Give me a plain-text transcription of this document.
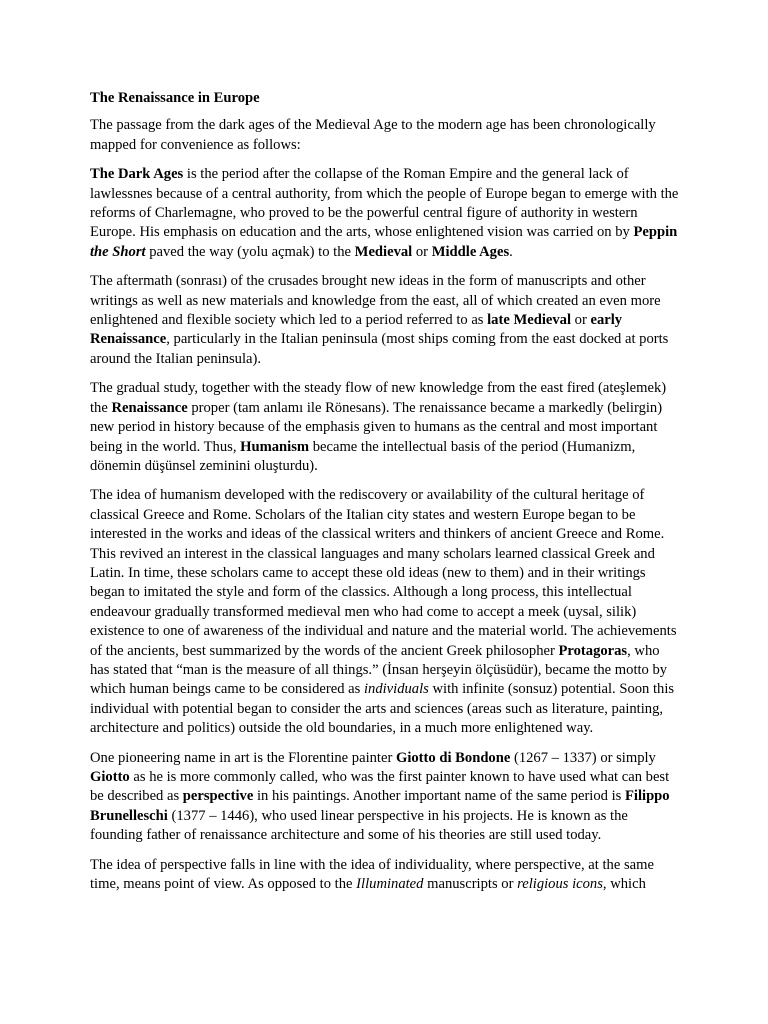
The Renaissance in Europe

The passage from the dark ages of the Medieval Age to the modern age has been chronologically mapped for convenience as follows:

The Dark Ages is the period after the collapse of the Roman Empire and the general lack of lawlessnes because of a central authority, from which the people of Europe began to emerge with the reforms of Charlemagne, who proved to be the powerful central figure of authority in western Europe. His emphasis on education and the arts, whose enlightened vision was carried on by Peppin the Short paved the way (yolu açmak) to the Medieval or Middle Ages.

The aftermath (sonrası) of the crusades brought new ideas in the form of manuscripts and other writings as well as new materials and knowledge from the east, all of which created an even more enlightened and flexible society which led to a period referred to as late Medieval or early Renaissance, particularly in the Italian peninsula (most ships coming from the east docked at ports around the Italian peninsula).

The gradual study, together with the steady flow of new knowledge from the east fired (ateşlemek) the Renaissance proper (tam anlamı ile Rönesans). The renaissance became a markedly (belirgin) new period in history because of the emphasis given to humans as the central and most important being in the world. Thus, Humanism became the intellectual basis of the period (Humanizm, dönemin düşünsel zeminini oluşturdu).

The idea of humanism developed with the rediscovery or availability of the cultural heritage of classical Greece and Rome. Scholars of the Italian city states and western Europe began to be interested in the works and ideas of the classical writers and thinkers of ancient Greece and Rome. This revived an interest in the classical languages and many scholars learned classical Greek and Latin. In time, these scholars came to accept these old ideas (new to them) and in their writings began to imitated the style and form of the classics. Although a long process, this intellectual endeavour gradually transformed medieval men who had come to accept a meek (uysal, silik) existence to one of awareness of the individual and nature and the material world. The achievements of the ancients, best summarized by the words of the ancient Greek philosopher Protagoras, who has stated that “man is the measure of all things.” (İnsan herşeyin ölçüsüdür), became the motto by which human beings came to be considered as individuals with infinite (sonsuz) potential. Soon this individual with potential began to consider the arts and sciences (areas such as literature, painting, architecture and politics) outside the old boundaries, in a much more enlightened way.

One pioneering name in art is the Florentine painter Giotto di Bondone (1267 – 1337) or simply Giotto as he is more commonly called, who was the first painter known to have used what can best be described as perspective in his paintings. Another important name of the same period is Filippo Brunelleschi (1377 – 1446), who used linear perspective in his projects. He is known as the founding father of renaissance architecture and some of his theories are still used today.

The idea of perspective falls in line with the idea of individuality, where perspective, at the same time, means point of view. As opposed to the Illuminated manuscripts or religious icons, which
